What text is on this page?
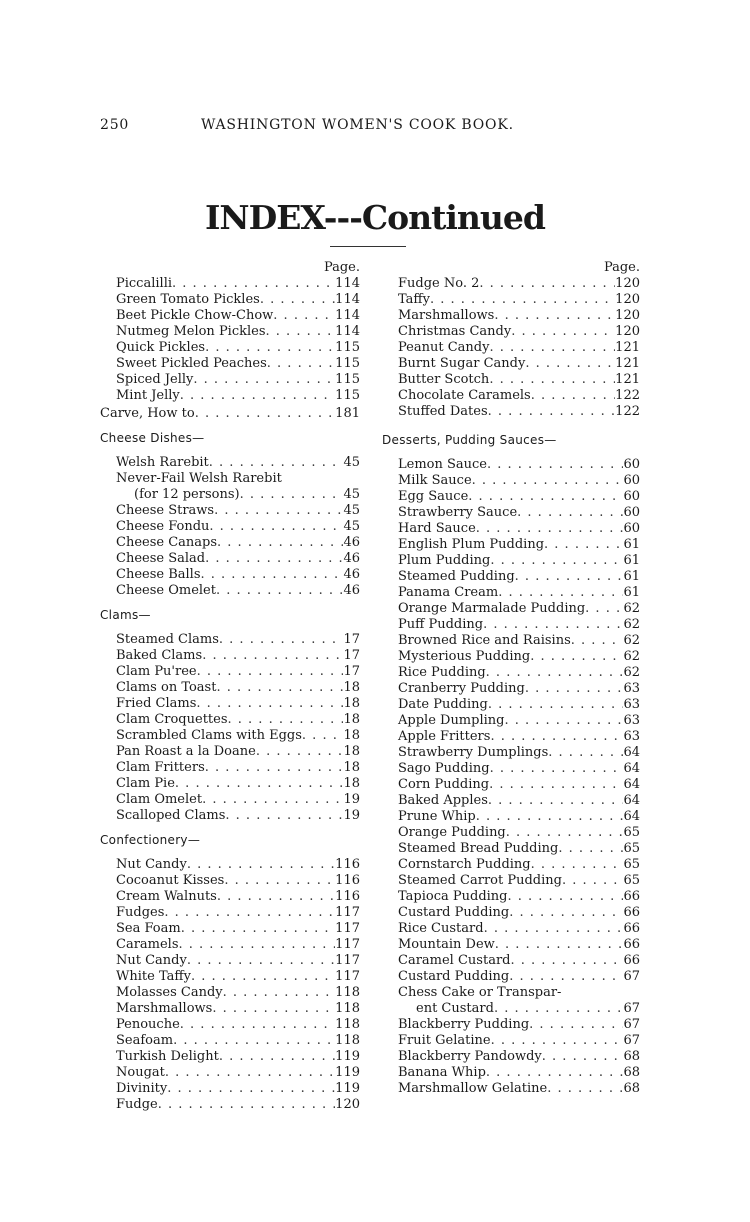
250	WASHINGTON WOMEN'S COOK BOOK.
INDEX---Continued
Page.
Piccalilli . . .	114
Green Tomato Pickles . . .	114
Beet Pickle Chow-Chow . . .	114
Nutmeg Melon Pickles . . .	114
Quick Pickles . . .	115
Sweet Pickled Peaches . . .	115
Spiced Jelly . . .	115
Mint Jelly . . .	115
Carve, How to . . .	181
Cheese Dishes—
Welsh Rarebit . . .	45
Never-Fail Welsh Rarebit
(for 12 persons) . . .	45
Cheese Straws . . .	45
Cheese Fondu . . .	45
Cheese Canaps . . .	46
Cheese Salad . . .	46
Cheese Balls . . .	46
Cheese Omelet . . .	46
Clams—
Steamed Clams . . .	17
Baked Clams . . .	17
Clam Pu'ree . . .	17
Clams on Toast . . .	18
Fried Clams . . .	18
Clam Croquettes . . .	18
Scrambled Clams with Eggs . . .	18
Pan Roast a la Doane . . .	18
Clam Fritters . . .	18
Clam Pie . . .	18
Clam Omelet . . .	19
Scalloped Clams . . .	19
Confectionery—
Nut Candy . . .	116
Cocoanut Kisses . . .	116
Cream Walnuts . . .	116
Fudges . . .	117
Sea Foam . . .	117
Caramels . . .	117
Nut Candy . . .	117
White Taffy . . .	117
Molasses Candy . . .	118
Marshmallows . . .	118
Penouche . . .	118
Seafoam . . .	118
Turkish Delight . . .	119
Nougat . . .	119
Divinity . . .	119
Fudge . . .	120
Page.
Fudge No. 2 . . .	120
Taffy . . .	120
Marshmallows . . .	120
Christmas Candy . . .	120
Peanut Candy . . .	121
Burnt Sugar Candy . . .	121
Butter Scotch . . .	121
Chocolate Caramels . . .	122
Stuffed Dates . . .	122
Desserts, Pudding Sauces—
Lemon Sauce . . .	60
Milk Sauce . . .	60
Egg Sauce . . .	60
Strawberry Sauce . . .	60
Hard Sauce . . .	60
English Plum Pudding . . .	61
Plum Pudding . . .	61
Steamed Pudding . . .	61
Panama Cream . . .	61
Orange Marmalade Pudding . . .	62
Puff Pudding . . .	62
Browned Rice and Raisins . . .	62
Mysterious Pudding . . .	62
Rice Pudding . . .	62
Cranberry Pudding . . .	63
Date Pudding . . .	63
Apple Dumpling . . .	63
Apple Fritters . . .	63
Strawberry Dumplings . . .	64
Sago Pudding . . .	64
Corn Pudding . . .	64
Baked Apples . . .	64
Prune Whip . . .	64
Orange Pudding . . .	65
Steamed Bread Pudding . . .	65
Cornstarch Pudding . . .	65
Steamed Carrot Pudding . . .	65
Tapioca Pudding . . .	66
Custard Pudding . . .	66
Rice Custard . . .	66
Mountain Dew . . .	66
Caramel Custard . . .	66
Custard Pudding . . .	67
Chess Cake or Transpar-
ent Custard . . .	67
Blackberry Pudding . . .	67
Fruit Gelatine . . .	67
Blackberry Pandowdy . . .	68
Banana Whip . . .	68
Marshmallow Gelatine . . .	68
